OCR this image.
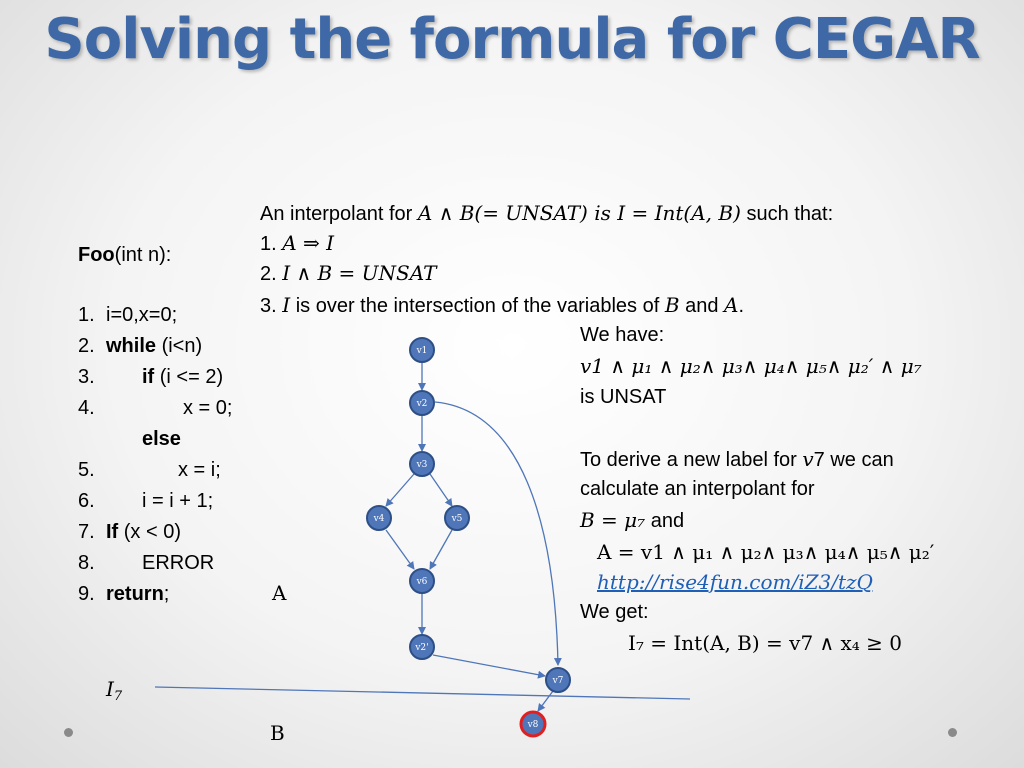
Solving the formula for CEGAR
An interpolant for A ∧ B(= UNSAT) is I = Int(A, B) such that:
1. A ⇒ I
2. I ∧ B = UNSAT
3. I is over the intersection of the variables of B and A.
Foo(int n):
1. i=0,x=0;
2. while (i<n)
3. if (i <= 2)
4.	x = 0;
else
5.	x = i;
6. i = i + 1;
7. If (x < 0)
8. ERROR
9. return;
v1
v2
v3
v4	v5
v6
v2'
v7
v8
A
B
$I_7$
We have:
v1 ∧ μ₁ ∧ μ₂∧ μ₃∧ μ₄∧ μ₅∧ μ₂′ ∧ μ₇
is UNSAT
To derive a new label for v7 we can
calculate an interpolant for
B = μ₇ and
A = v1 ∧ μ₁ ∧ μ₂∧ μ₃∧ μ₄∧ μ₅∧ μ₂′
http://rise4fun.com/iZ3/tzQ
We get:
I₇ = Int(A, B) = v7 ∧ x₄ ≥ 0
